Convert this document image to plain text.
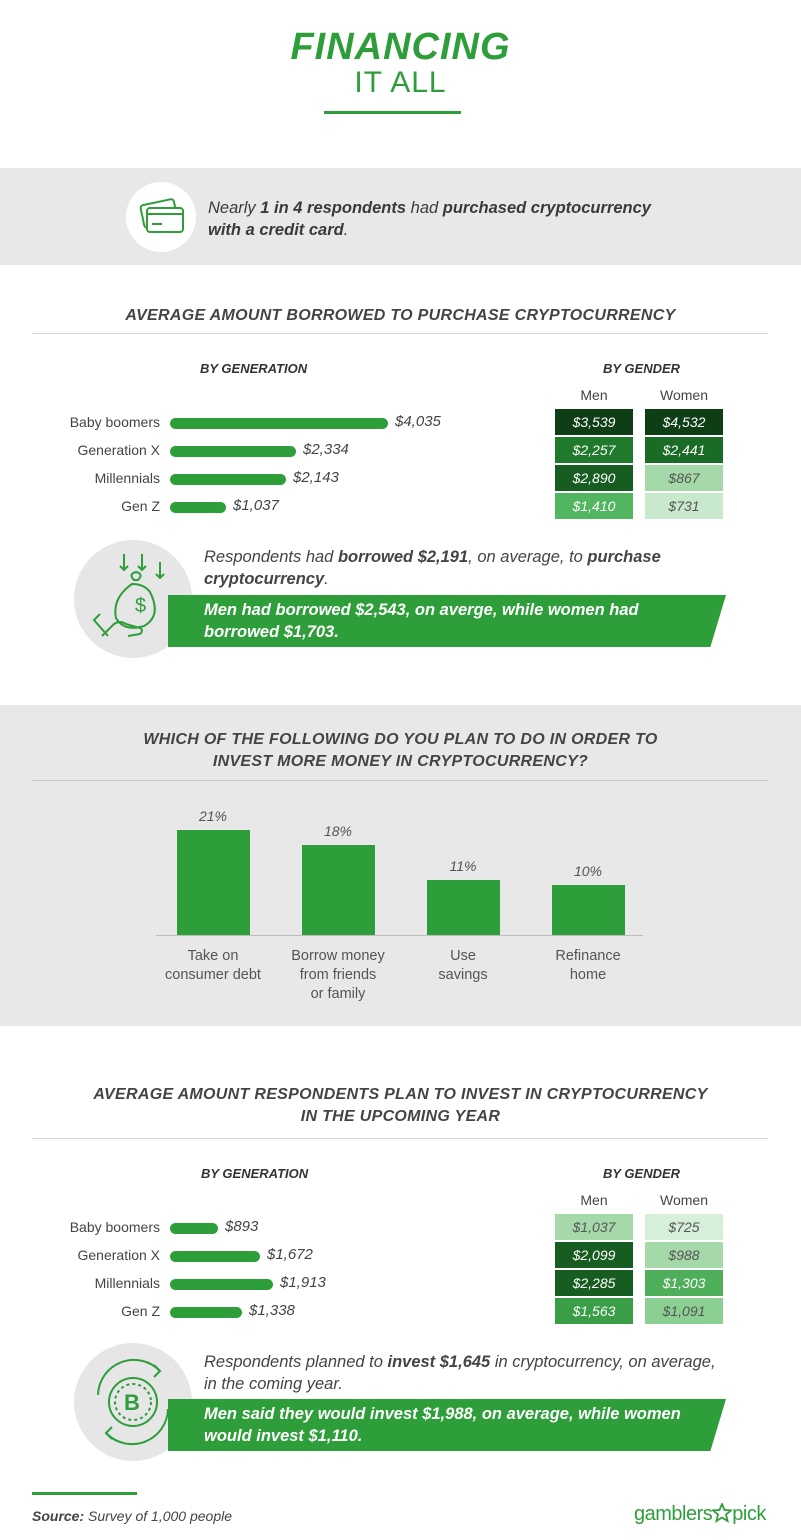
FINANCING
IT ALL
Nearly 1 in 4 respondents had purchased cryptocurrency
with a credit card.
AVERAGE AMOUNT BORROWED TO PURCHASE CRYPTOCURRENCY
BY GENERATION	BY GENDER
Men	Women
Baby boomers	$4,035
Generation X	$2,334
Millennials	$2,143
Gen Z	$1,037
$3,539	$4,532
$2,257	$2,441
$2,890	$867
$1,410	$731
$
Respondents had borrowed $2,191, on average, to purchase
cryptocurrency.
Men had borrowed $2,543, on averge, while women had
borrowed $1,703.
WHICH OF THE FOLLOWING DO YOU PLAN TO DO IN ORDER TO
INVEST MORE MONEY IN CRYPTOCURRENCY?
21%
Take on
consumer debt
18%
Borrow money
from friends
or family
11%
Use
savings
10%
Refinance
home
AVERAGE AMOUNT RESPONDENTS PLAN TO INVEST IN CRYPTOCURRENCY
IN THE UPCOMING YEAR
BY GENERATION	BY GENDER
Men	Women
Baby boomers	$893
Generation X	$1,672
Millennials	$1,913
Gen Z	$1,338
$1,037	$725
$2,099	$988
$2,285	$1,303
$1,563	$1,091
B
Respondents planned to invest $1,645 in cryptocurrency, on average,
in the coming year.
Men said they would invest $1,988, on average, while women
would invest $1,110.
Source: Survey of 1,000 people	gamblers pick
